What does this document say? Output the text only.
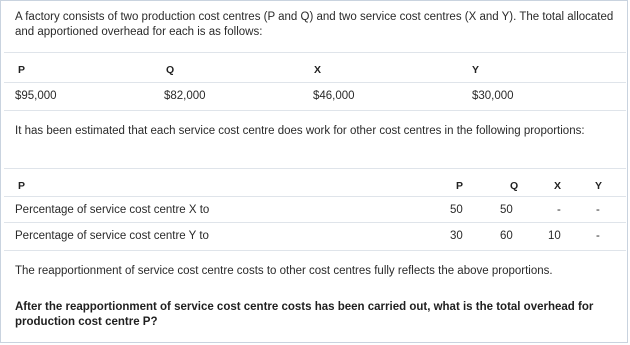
A factory consists of two production cost centres (P and Q) and two service cost centres (X and Y). The total allocated and apportioned overhead for each is as follows:
P	Q	X	Y
$95,000	$82,000	$46,000	$30,000
It has been estimated that each service cost centre does work for other cost centres in the following proportions:
P	P	Q	X	Y
Percentage of service cost centre X to	50	50	-	-
Percentage of service cost centre Y to	30	60	10	-
The reapportionment of service cost centre costs to other cost centres fully reflects the above proportions.
After the reapportionment of service cost centre costs has been carried out, what is the total overhead for production cost centre P?
